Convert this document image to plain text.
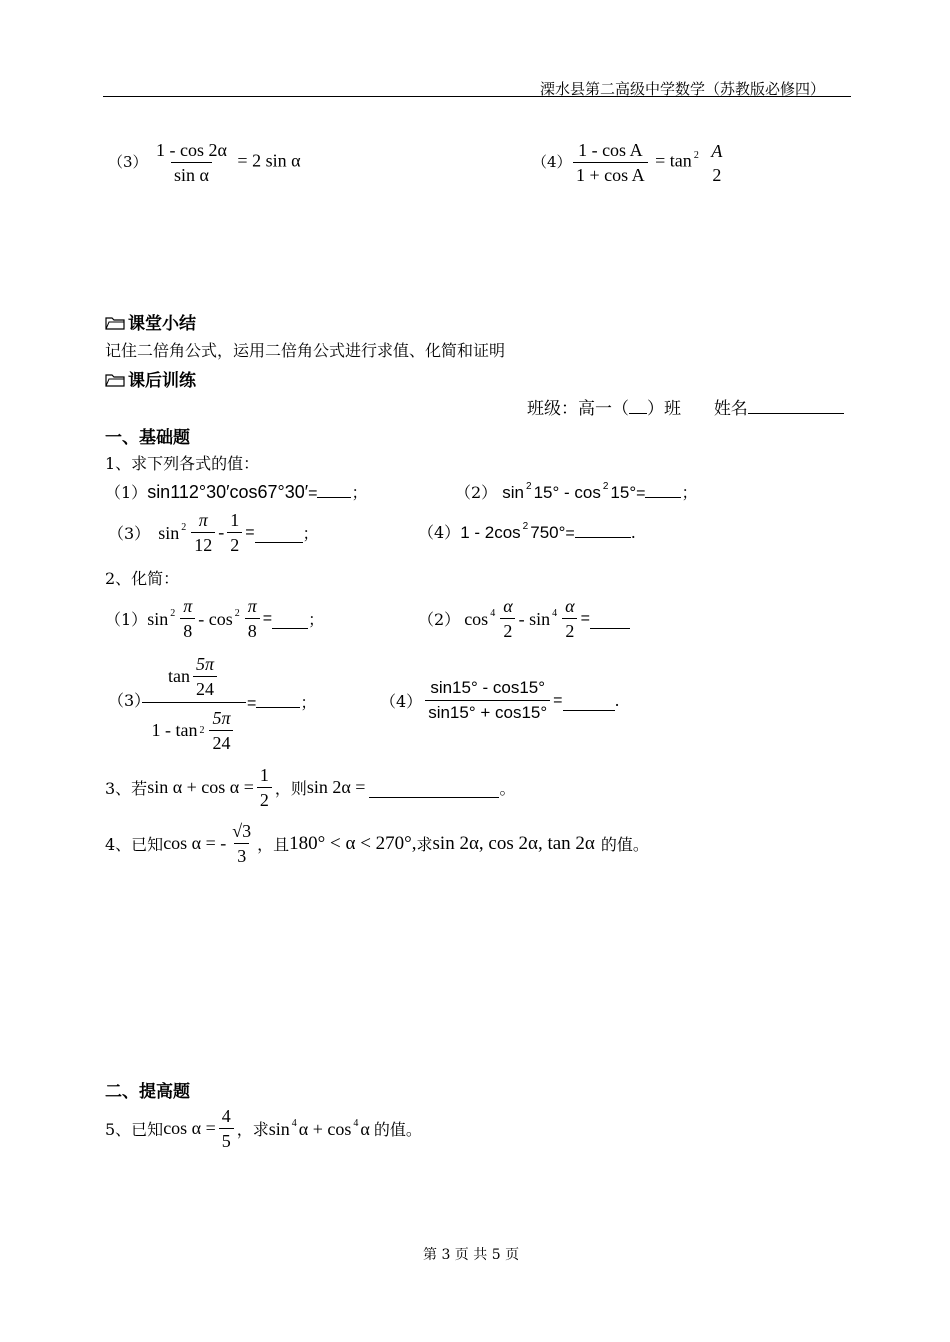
溧水县第二高级中学数学（苏教版必修四）
$(3) \frac{1 - \cos 2\alpha}{\text{sin α}} = 2$ sin α	$(4) \frac{\text{1 - cos A}}{\text{1 + cos A}} = \tan ^2$ A
2
课堂小结
记住二倍角公式，运用二倍角公式进行求值、化简和证明
课后训练
班级：高一（ ）班 姓名
一、基础题
1、求下列各式的值：
（1）sin112°30′cos67°30′= ；	（2） sin $^2$ 15° - cos $^2$ 15°= ；
（3） $\sin ^2 \frac{\pi}{12} - \frac{1}{2}$ =	；	（4）1 - 2cos $^2$ 750°=	.
2、化简：
（1） $\sin ^2 \frac{\pi}{8}$ - $\cos ^2 \frac{\pi}{8}$ = ；	（2） $\cos ^4 \frac{\alpha}{2}$ - $\sin ^4 \frac{\alpha}{2}$ =
（3）
$\tan \frac{5\pi}{24}$
$1 - \tan 2 \frac{5\pi}{24}$
=	；	$(4) \frac{\sin 15^\circ - \cos 15^\circ}{\sin 15^\circ + \cos 15^\circ}$ =	.
3、若 $\sin \alpha + \cos \alpha = \frac{1}{2}$ ，则 sin 2α =	。
4、已知 cos α = - $\frac{√3}{3}$ ，且 180° < α < 270°, 求 sin 2α, cos 2α, tan 2α 的值。
二、提高题
5、已知 $\cos \alpha = \frac{4}{5}$ ，求 sin $^4$ α + cos $^4$ α 的值。
第 3 页 共 5 页
